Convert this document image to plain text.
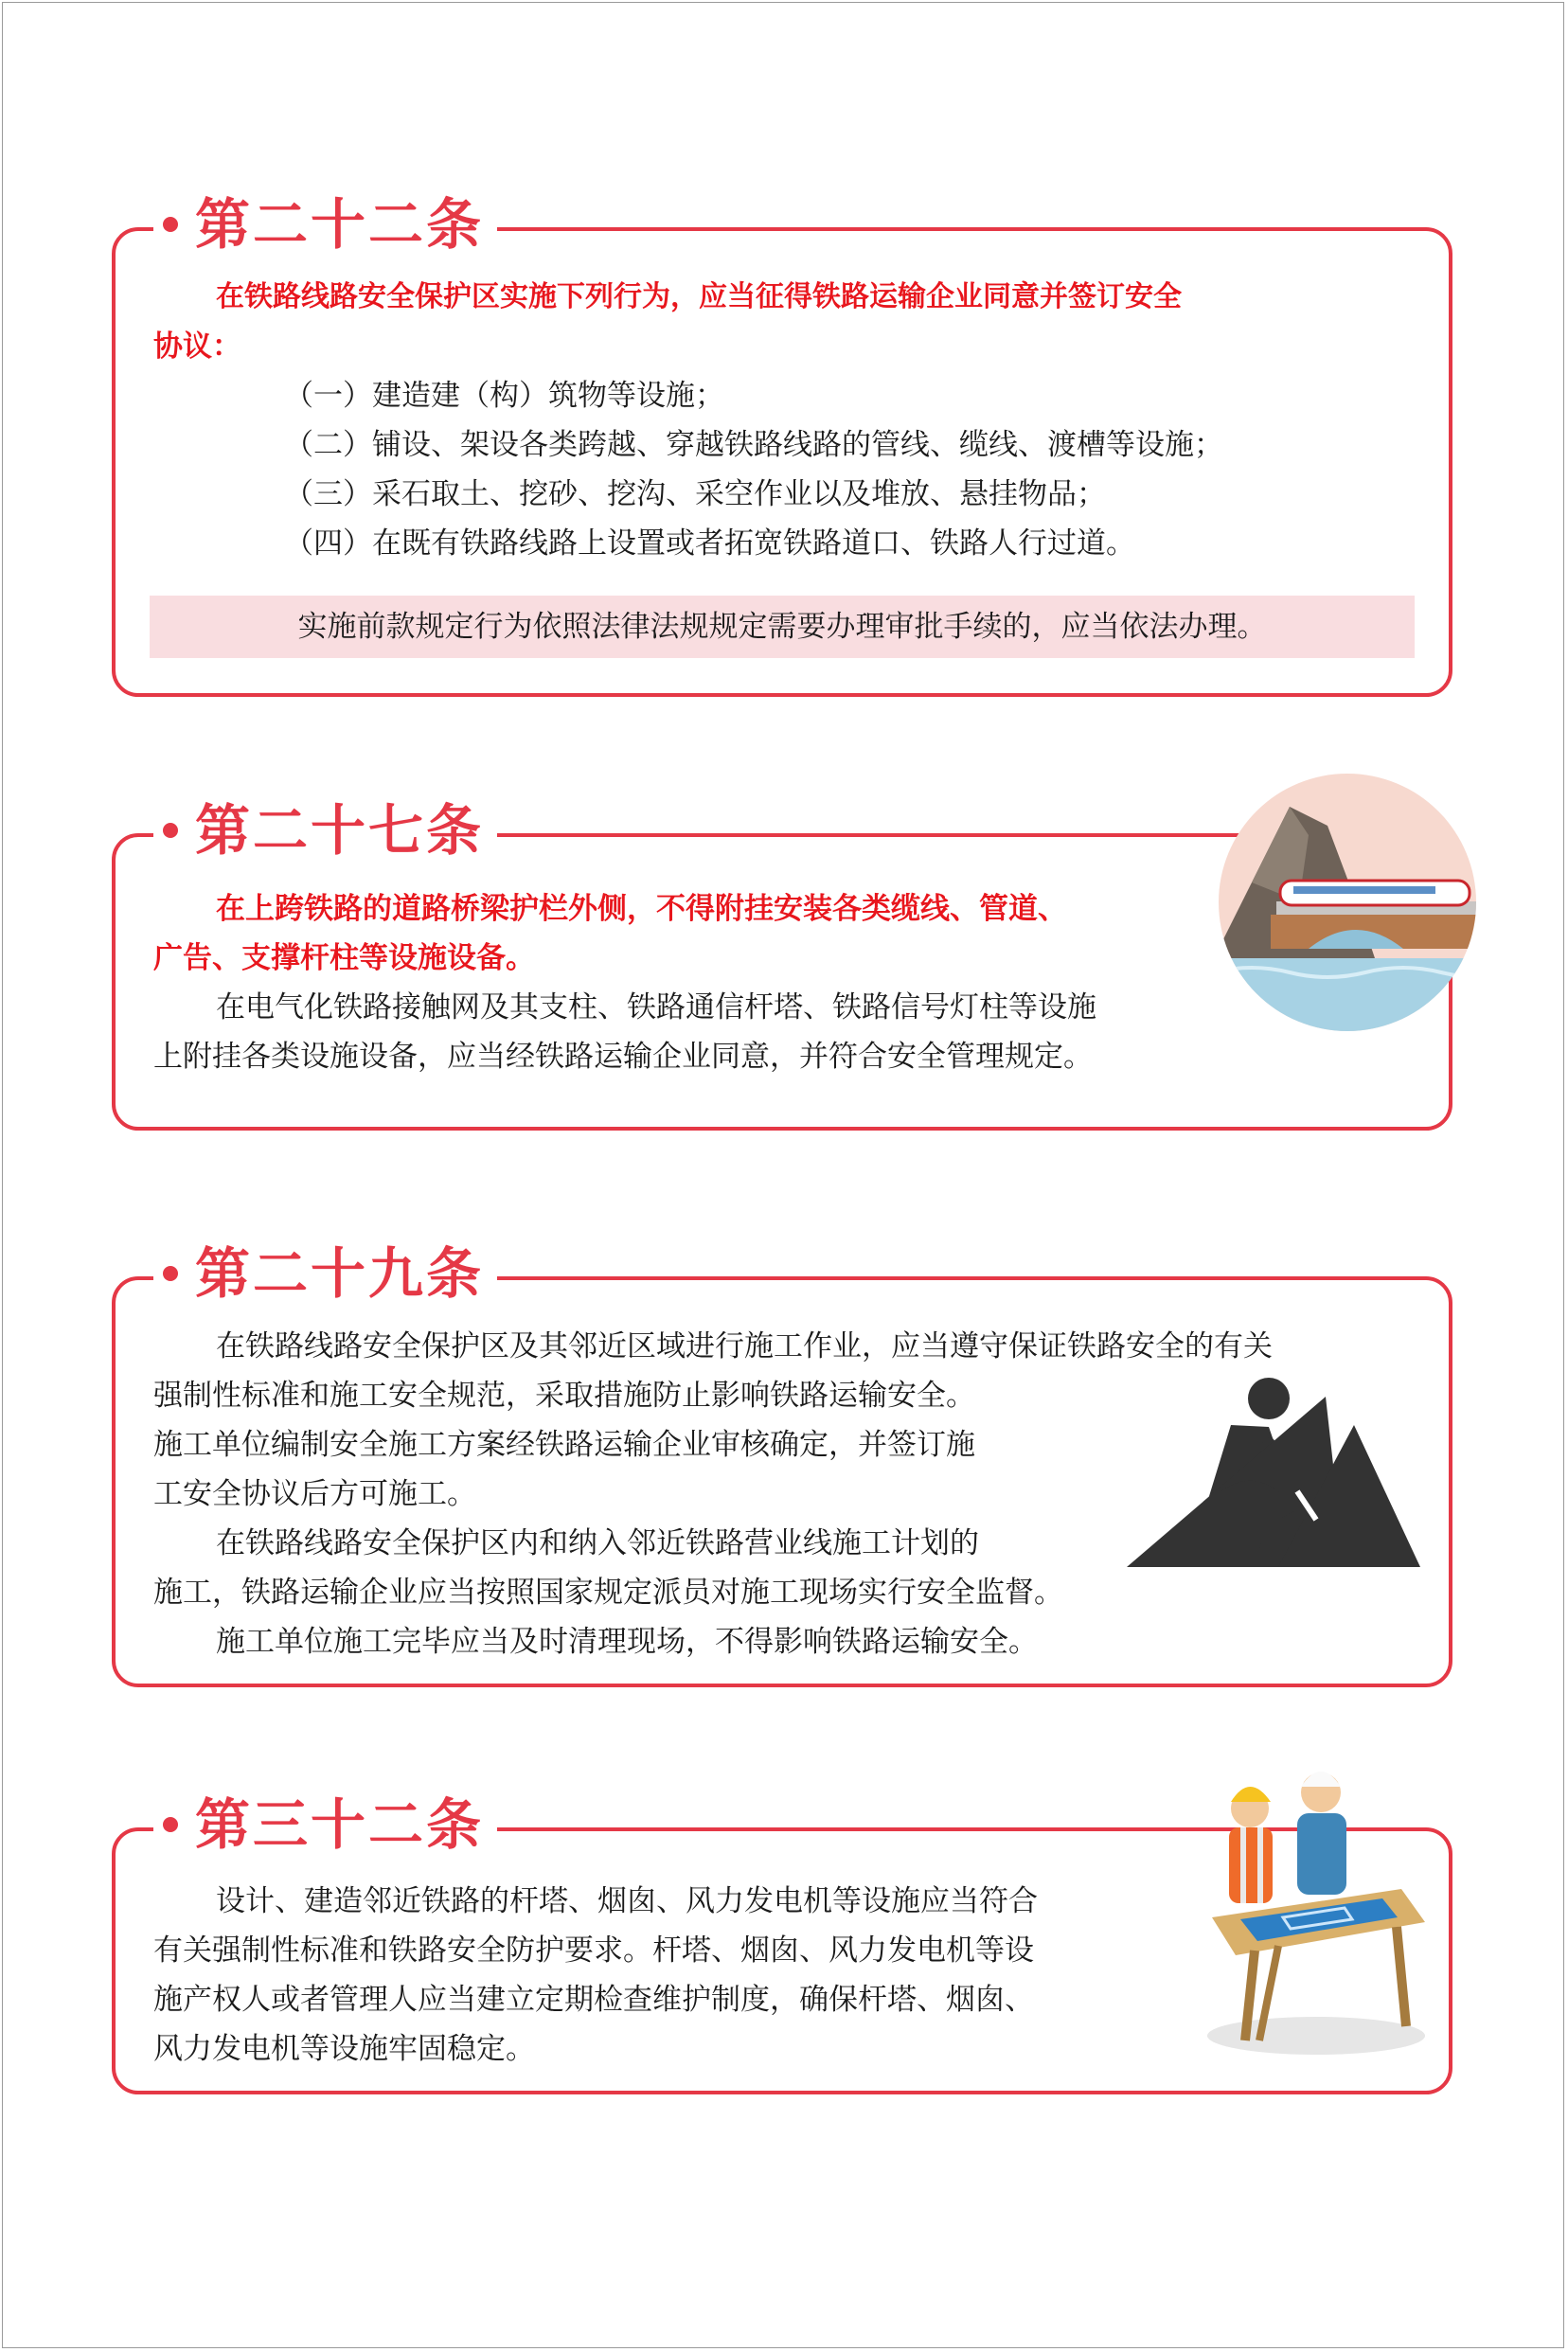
第二十二条

在铁路线路安全保护区实施下列行为，应当征得铁路运输企业同意并签订安全

协议：

（一）建造建（构）筑物等设施；

（二）铺设、架设各类跨越、穿越铁路线路的管线、缆线、渡槽等设施；

（三）采石取土、挖砂、挖沟、采空作业以及堆放、悬挂物品；

（四）在既有铁路线路上设置或者拓宽铁路道口、铁路人行过道。

实施前款规定行为依照法律法规规定需要办理审批手续的，应当依法办理。
第二十七条

在上跨铁路的道路桥梁护栏外侧，不得附挂安装各类缆线、管道、

广告、支撑杆柱等设施设备。

在电气化铁路接触网及其支柱、铁路通信杆塔、铁路信号灯柱等设施

上附挂各类设施设备，应当经铁路运输企业同意，并符合安全管理规定。

第二十九条

在铁路线路安全保护区及其邻近区域进行施工作业，应当遵守保证铁路安全的有关

强制性标准和施工安全规范，采取措施防止影响铁路运输安全。

施工单位编制安全施工方案经铁路运输企业审核确定，并签订施

工安全协议后方可施工。

在铁路线路安全保护区内和纳入邻近铁路营业线施工计划的

施工，铁路运输企业应当按照国家规定派员对施工现场实行安全监督。

施工单位施工完毕应当及时清理现场，不得影响铁路运输安全。

第三十二条

设计、建造邻近铁路的杆塔、烟囱、风力发电机等设施应当符合

有关强制性标准和铁路安全防护要求。杆塔、烟囱、风力发电机等设

施产权人或者管理人应当建立定期检查维护制度，确保杆塔、烟囱、

风力发电机等设施牢固稳定。
